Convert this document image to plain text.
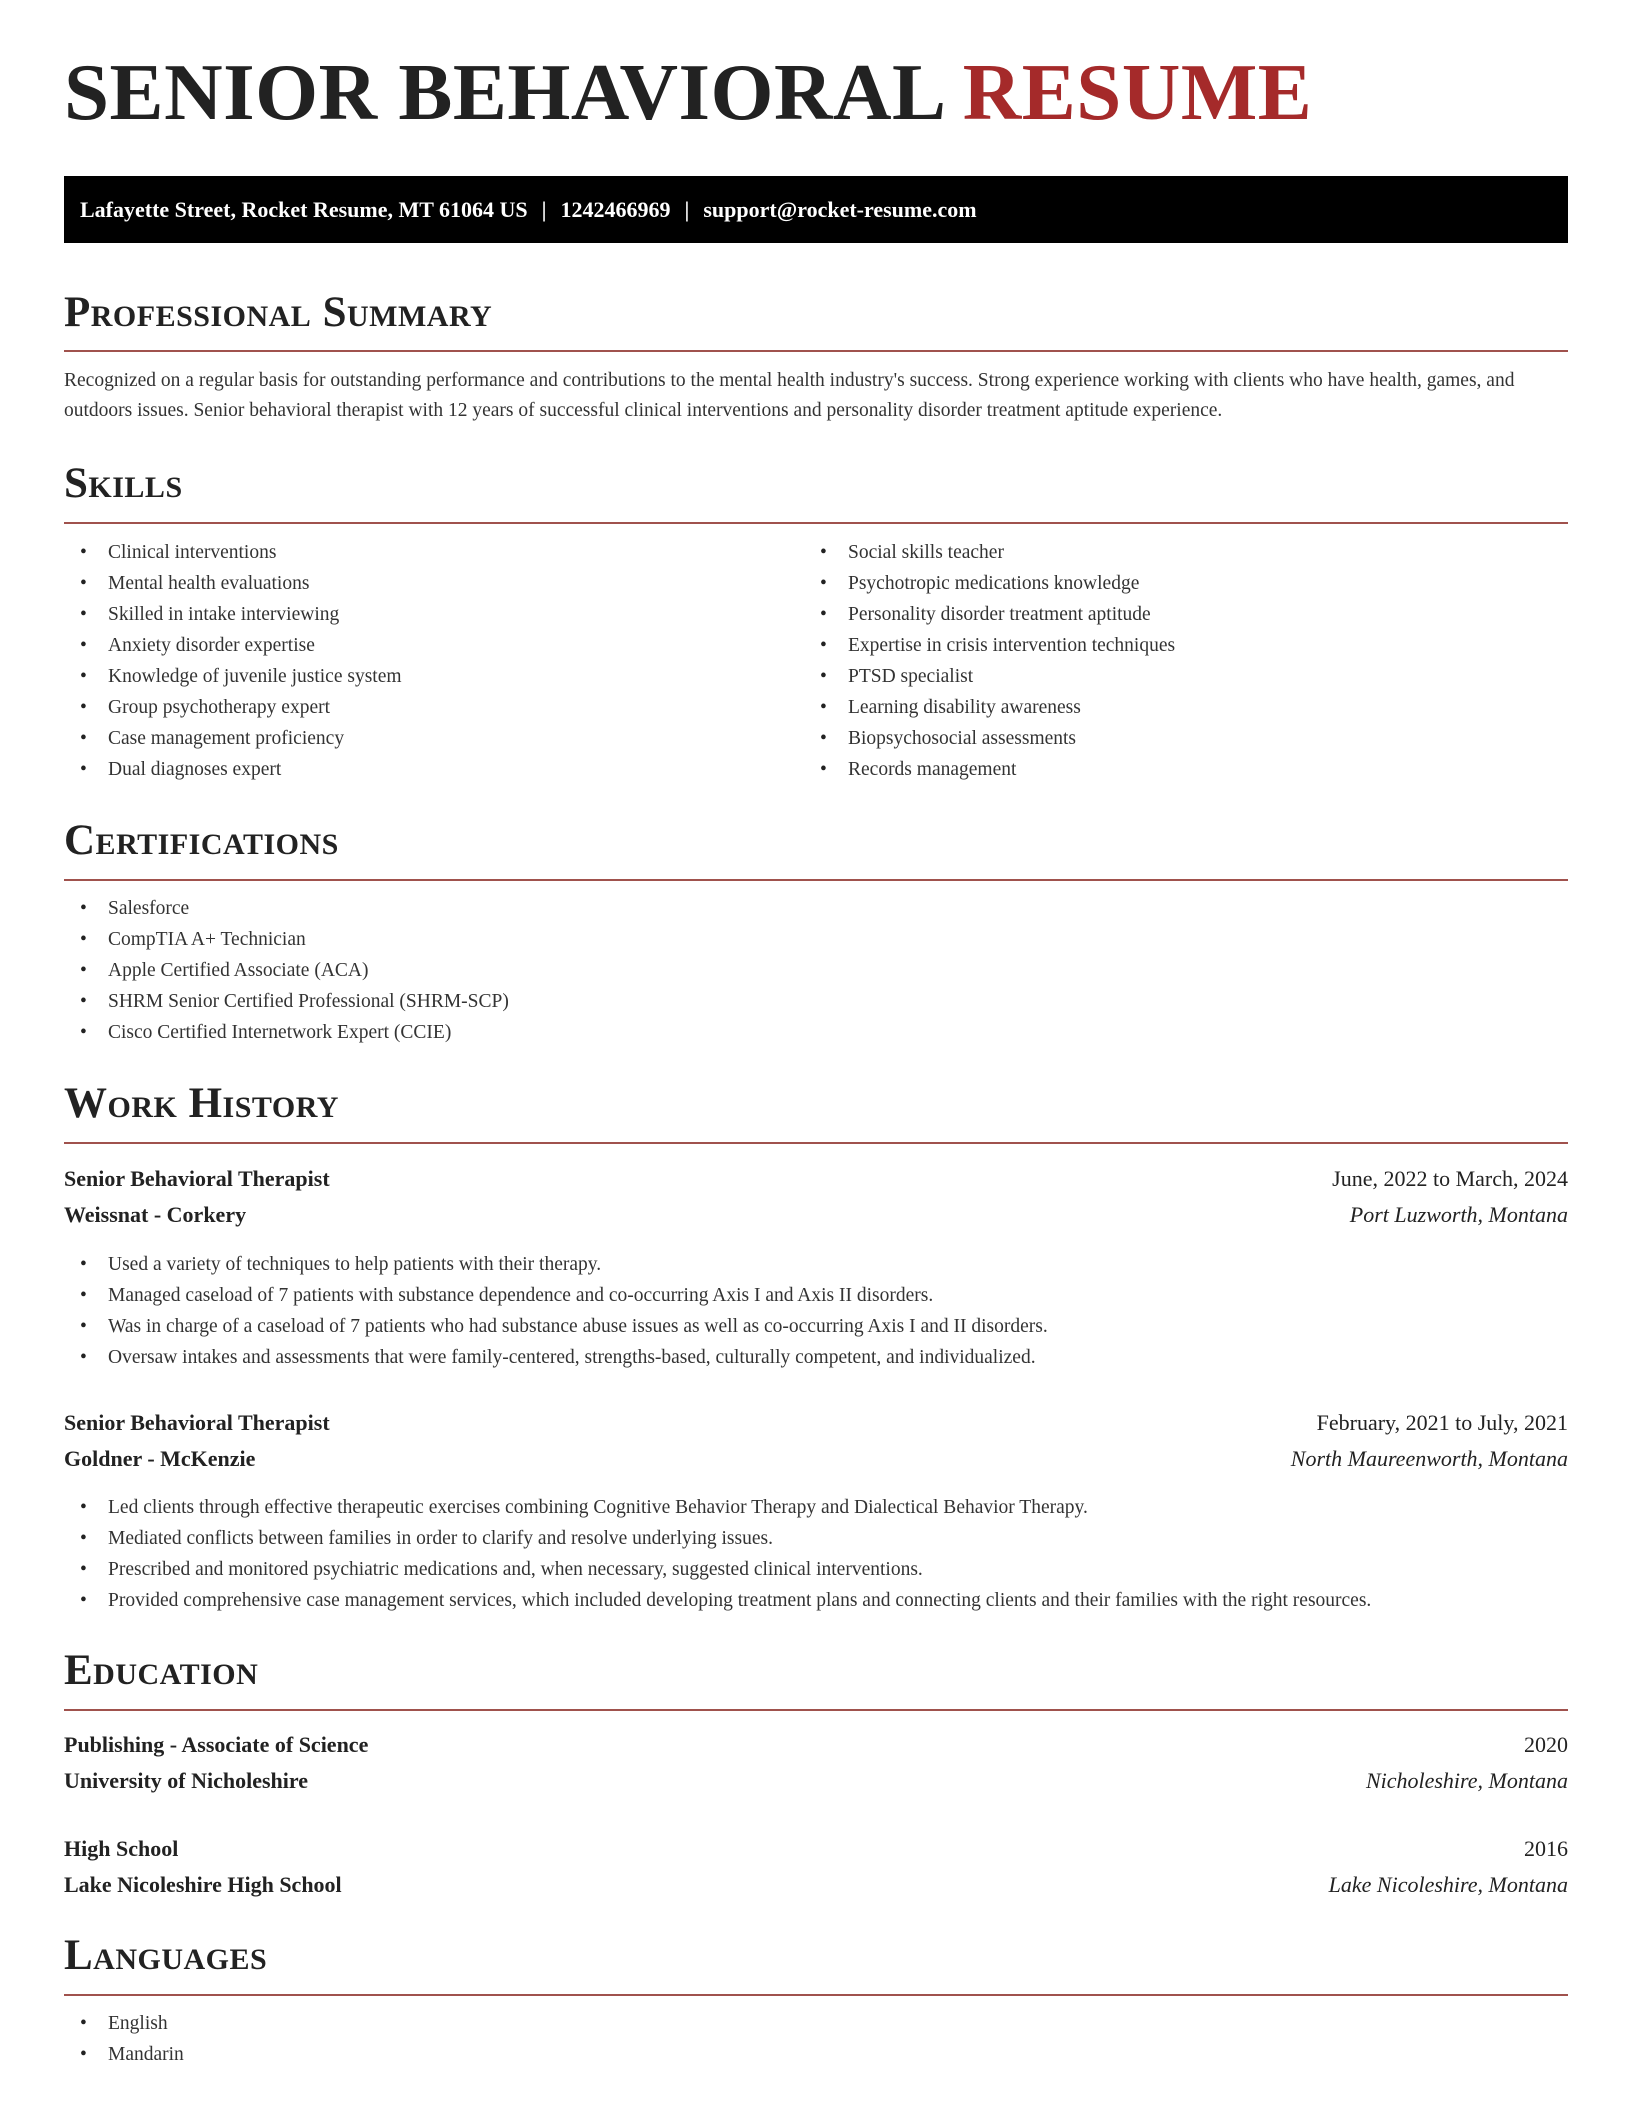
SENIOR BEHAVIORAL RESUME
Lafayette Street, Rocket Resume, MT 61064 US | 1242466969 | support@rocket-resume.com
Professional Summary

Recognized on a regular basis for outstanding performance and contributions to the mental health industry's success. Strong experience working with clients who have health, games, and outdoors issues. Senior behavioral therapist with 12 years of successful clinical interventions and personality disorder treatment aptitude experience.

Skills
• Clinical interventions
• Mental health evaluations
• Skilled in intake interviewing
• Anxiety disorder expertise
• Knowledge of juvenile justice system
• Group psychotherapy expert
• Case management proficiency
• Dual diagnoses expert
• Social skills teacher
• Psychotropic medications knowledge
• Personality disorder treatment aptitude
• Expertise in crisis intervention techniques
• PTSD specialist
• Learning disability awareness
• Biopsychosocial assessments
• Records management
Certifications
• Salesforce
• CompTIA A+ Technician
• Apple Certified Associate (ACA)
• SHRM Senior Certified Professional (SHRM-SCP)
• Cisco Certified Internetwork Expert (CCIE)
Work History
Senior Behavioral Therapist	June, 2022 to March, 2024
Weissnat - Corkery	Port Luzworth, Montana
• Used a variety of techniques to help patients with their therapy.
• Managed caseload of 7 patients with substance dependence and co-occurring Axis I and Axis II disorders.
• Was in charge of a caseload of 7 patients who had substance abuse issues as well as co-occurring Axis I and II disorders.
• Oversaw intakes and assessments that were family-centered, strengths-based, culturally competent, and individualized.
Senior Behavioral Therapist	February, 2021 to July, 2021
Goldner - McKenzie	North Maureenworth, Montana
• Led clients through effective therapeutic exercises combining Cognitive Behavior Therapy and Dialectical Behavior Therapy.
• Mediated conflicts between families in order to clarify and resolve underlying issues.
• Prescribed and monitored psychiatric medications and, when necessary, suggested clinical interventions.
• Provided comprehensive case management services, which included developing treatment plans and connecting clients and their families with the right resources.
Education
Publishing - Associate of Science	2020
University of Nicholeshire	Nicholeshire, Montana
High School	2016
Lake Nicoleshire High School	Lake Nicoleshire, Montana
Languages
• English
• Mandarin
